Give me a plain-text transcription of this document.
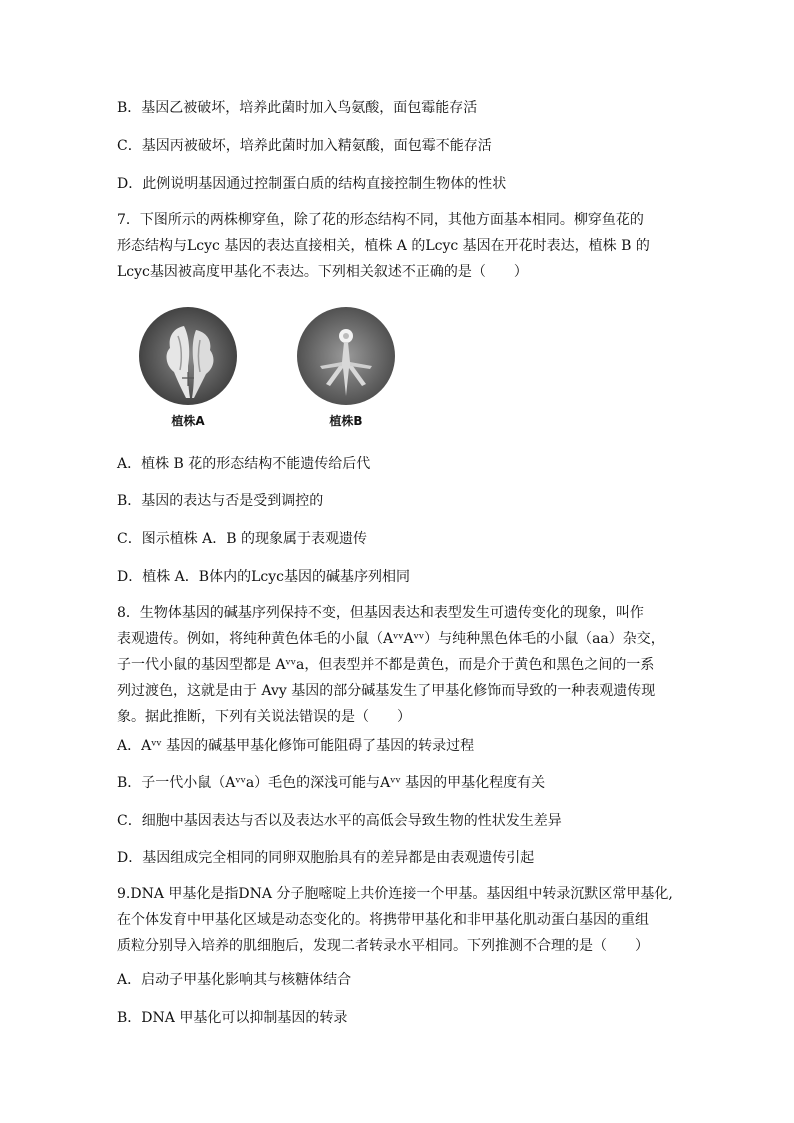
B．基因乙被破坏，培养此菌时加入鸟氨酸，面包霉能存活
C．基因丙被破坏，培养此菌时加入精氨酸，面包霉不能存活
D．此例说明基因通过控制蛋白质的结构直接控制生物体的性状
7．下图所示的两株柳穿鱼，除了花的形态结构不同，其他方面基本相同。柳穿鱼花的
形态结构与Lcyc 基因的表达直接相关，植株 A 的Lcyc 基因在开花时表达，植株 B 的
Lcyc基因被高度甲基化不表达。下列相关叙述不正确的是（　　）
植株A	植株B
A．植株 B 花的形态结构不能遗传给后代
B．基因的表达与否是受到调控的
C．图示植株 A．B 的现象属于表观遗传
D．植株 A．B体内的Lcyc基因的碱基序列相同
8．生物体基因的碱基序列保持不变，但基因表达和表型发生可遗传变化的现象，叫作
表观遗传。例如，将纯种黄色体毛的小鼠（AᵛᵛAᵛᵛ）与纯种黑色体毛的小鼠（aa）杂交，
子一代小鼠的基因型都是 Aᵛᵛa，但表型并不都是黄色，而是介于黄色和黑色之间的一系
列过渡色，这就是由于 Avy 基因的部分碱基发生了甲基化修饰而导致的一种表观遗传现
象。据此推断，下列有关说法错误的是（　　）
A．Aᵛᵛ 基因的碱基甲基化修饰可能阻碍了基因的转录过程
B．子一代小鼠（Aᵛᵛa）毛色的深浅可能与Aᵛᵛ 基因的甲基化程度有关
C．细胞中基因表达与否以及表达水平的高低会导致生物的性状发生差异
D．基因组成完全相同的同卵双胞胎具有的差异都是由表观遗传引起
9.DNA 甲基化是指DNA 分子胞嘧啶上共价连接一个甲基。基因组中转录沉默区常甲基化,
在个体发育中甲基化区域是动态变化的。将携带甲基化和非甲基化肌动蛋白基因的重组
质粒分别导入培养的肌细胞后，发现二者转录水平相同。下列推测不合理的是（　　）
A．启动子甲基化影响其与核糖体结合
B．DNA 甲基化可以抑制基因的转录
